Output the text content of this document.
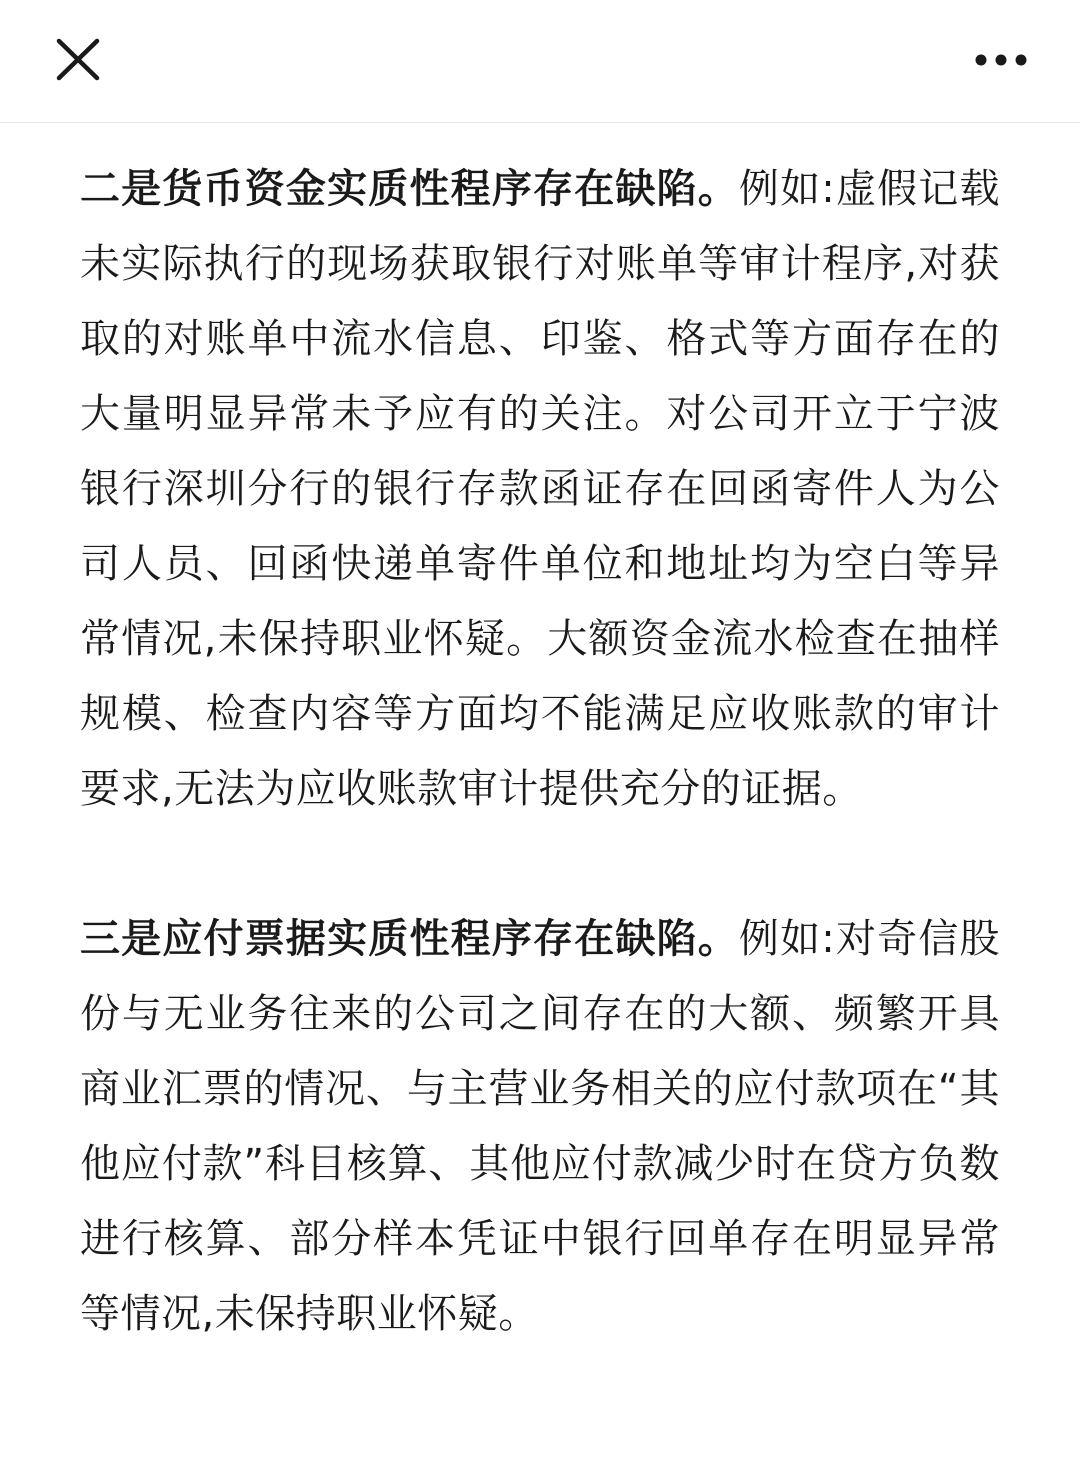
二是货币资金实质性程序存在缺陷。例如:虚假记载未实际执行的现场获取银行对账单等审计程序,对获取的对账单中流水信息、印鉴、格式等方面存在的大量明显异常未予应有的关注。对公司开立于宁波银行深圳分行的银行存款函证存在回函寄件人为公司人员、回函快递单寄件单位和地址均为空白等异常情况,未保持职业怀疑。大额资金流水检查在抽样规模、检查内容等方面均不能满足应收账款的审计要求,无法为应收账款审计提供充分的证据。

三是应付票据实质性程序存在缺陷。例如:对奇信股份与无业务往来的公司之间存在的大额、频繁开具商业汇票的情况、与主营业务相关的应付款项在“其他应付款”科目核算、其他应付款减少时在贷方负数进行核算、部分样本凭证中银行回单存在明显异常等情况,未保持职业怀疑。
